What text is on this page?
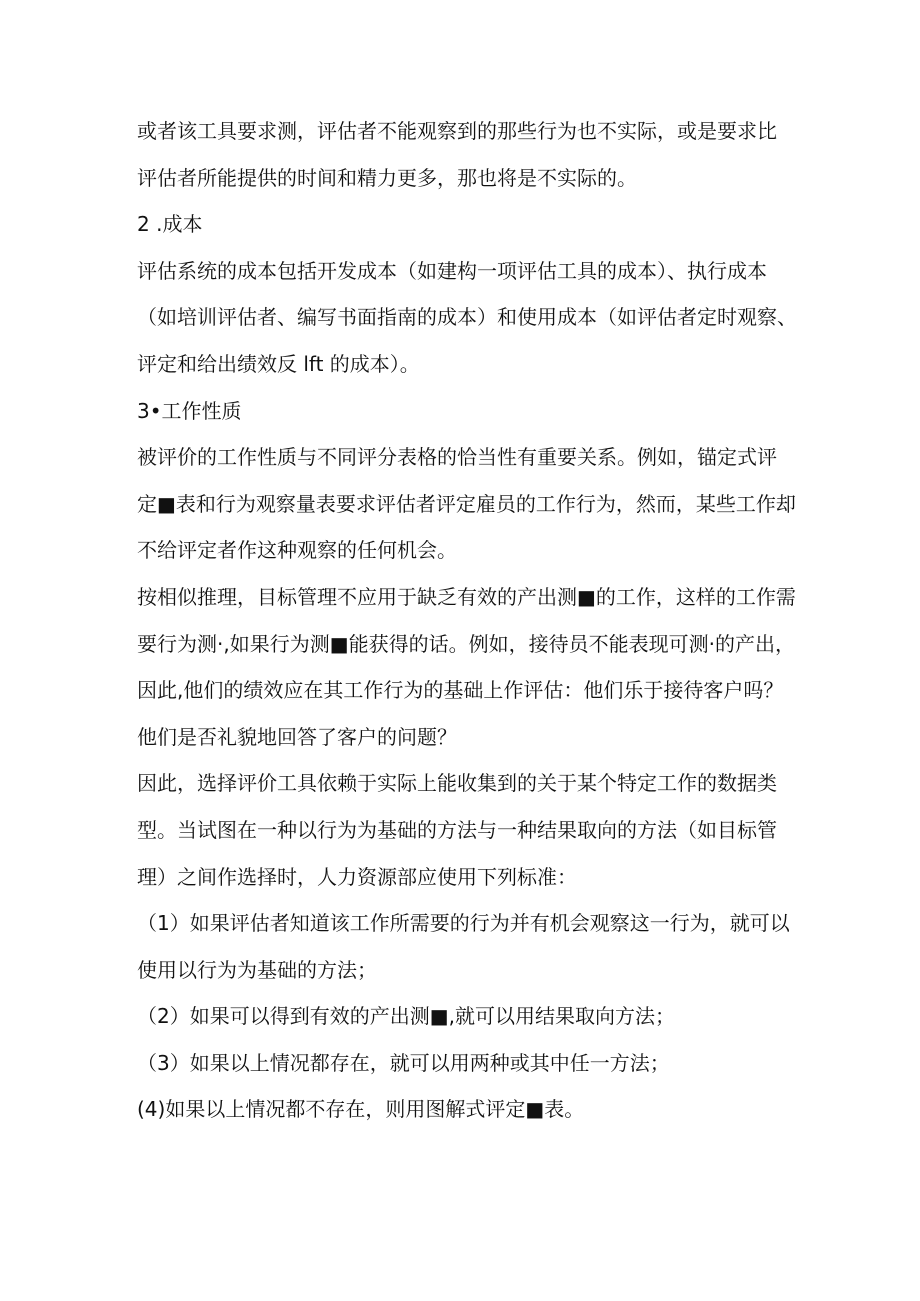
或者该工具要求测，评估者不能观察到的那些行为也不实际，或是要求比
评估者所能提供的时间和精力更多，那也将是不实际的。
2 .成本
评估系统的成本包括开发成本（如建构一项评估工具的成本）、执行成本
（如培训评估者、编写书面指南的成本）和使用成本（如评估者定时观察、
评定和给出绩效反 lft 的成本）。
3•工作性质
被评价的工作性质与不同评分表格的恰当性有重要关系。例如，锚定式评
定■表和行为观察量表要求评估者评定雇员的工作行为，然而，某些工作却
不给评定者作这种观察的任何机会。
按相似推理，目标管理不应用于缺乏有效的产出测■的工作，这样的工作需
要行为测·,如果行为测■能获得的话。例如，接待员不能表现可测·的产出，
因此,他们的绩效应在其工作行为的基础上作评估：他们乐于接待客户吗？
他们是否礼貌地回答了客户的问题？
因此，选择评价工具依赖于实际上能收集到的关于某个特定工作的数据类
型。当试图在一种以行为为基础的方法与一种结果取向的方法（如目标管
理）之间作选择时，人力资源部应使用下列标准：
（1）如果评估者知道该工作所需要的行为并有机会观察这一行为，就可以
使用以行为为基础的方法；
（2）如果可以得到有效的产出测■,就可以用结果取向方法；
（3）如果以上情况都存在，就可以用两种或其中任一方法；
(4)如果以上情况都不存在，则用图解式评定■表。
